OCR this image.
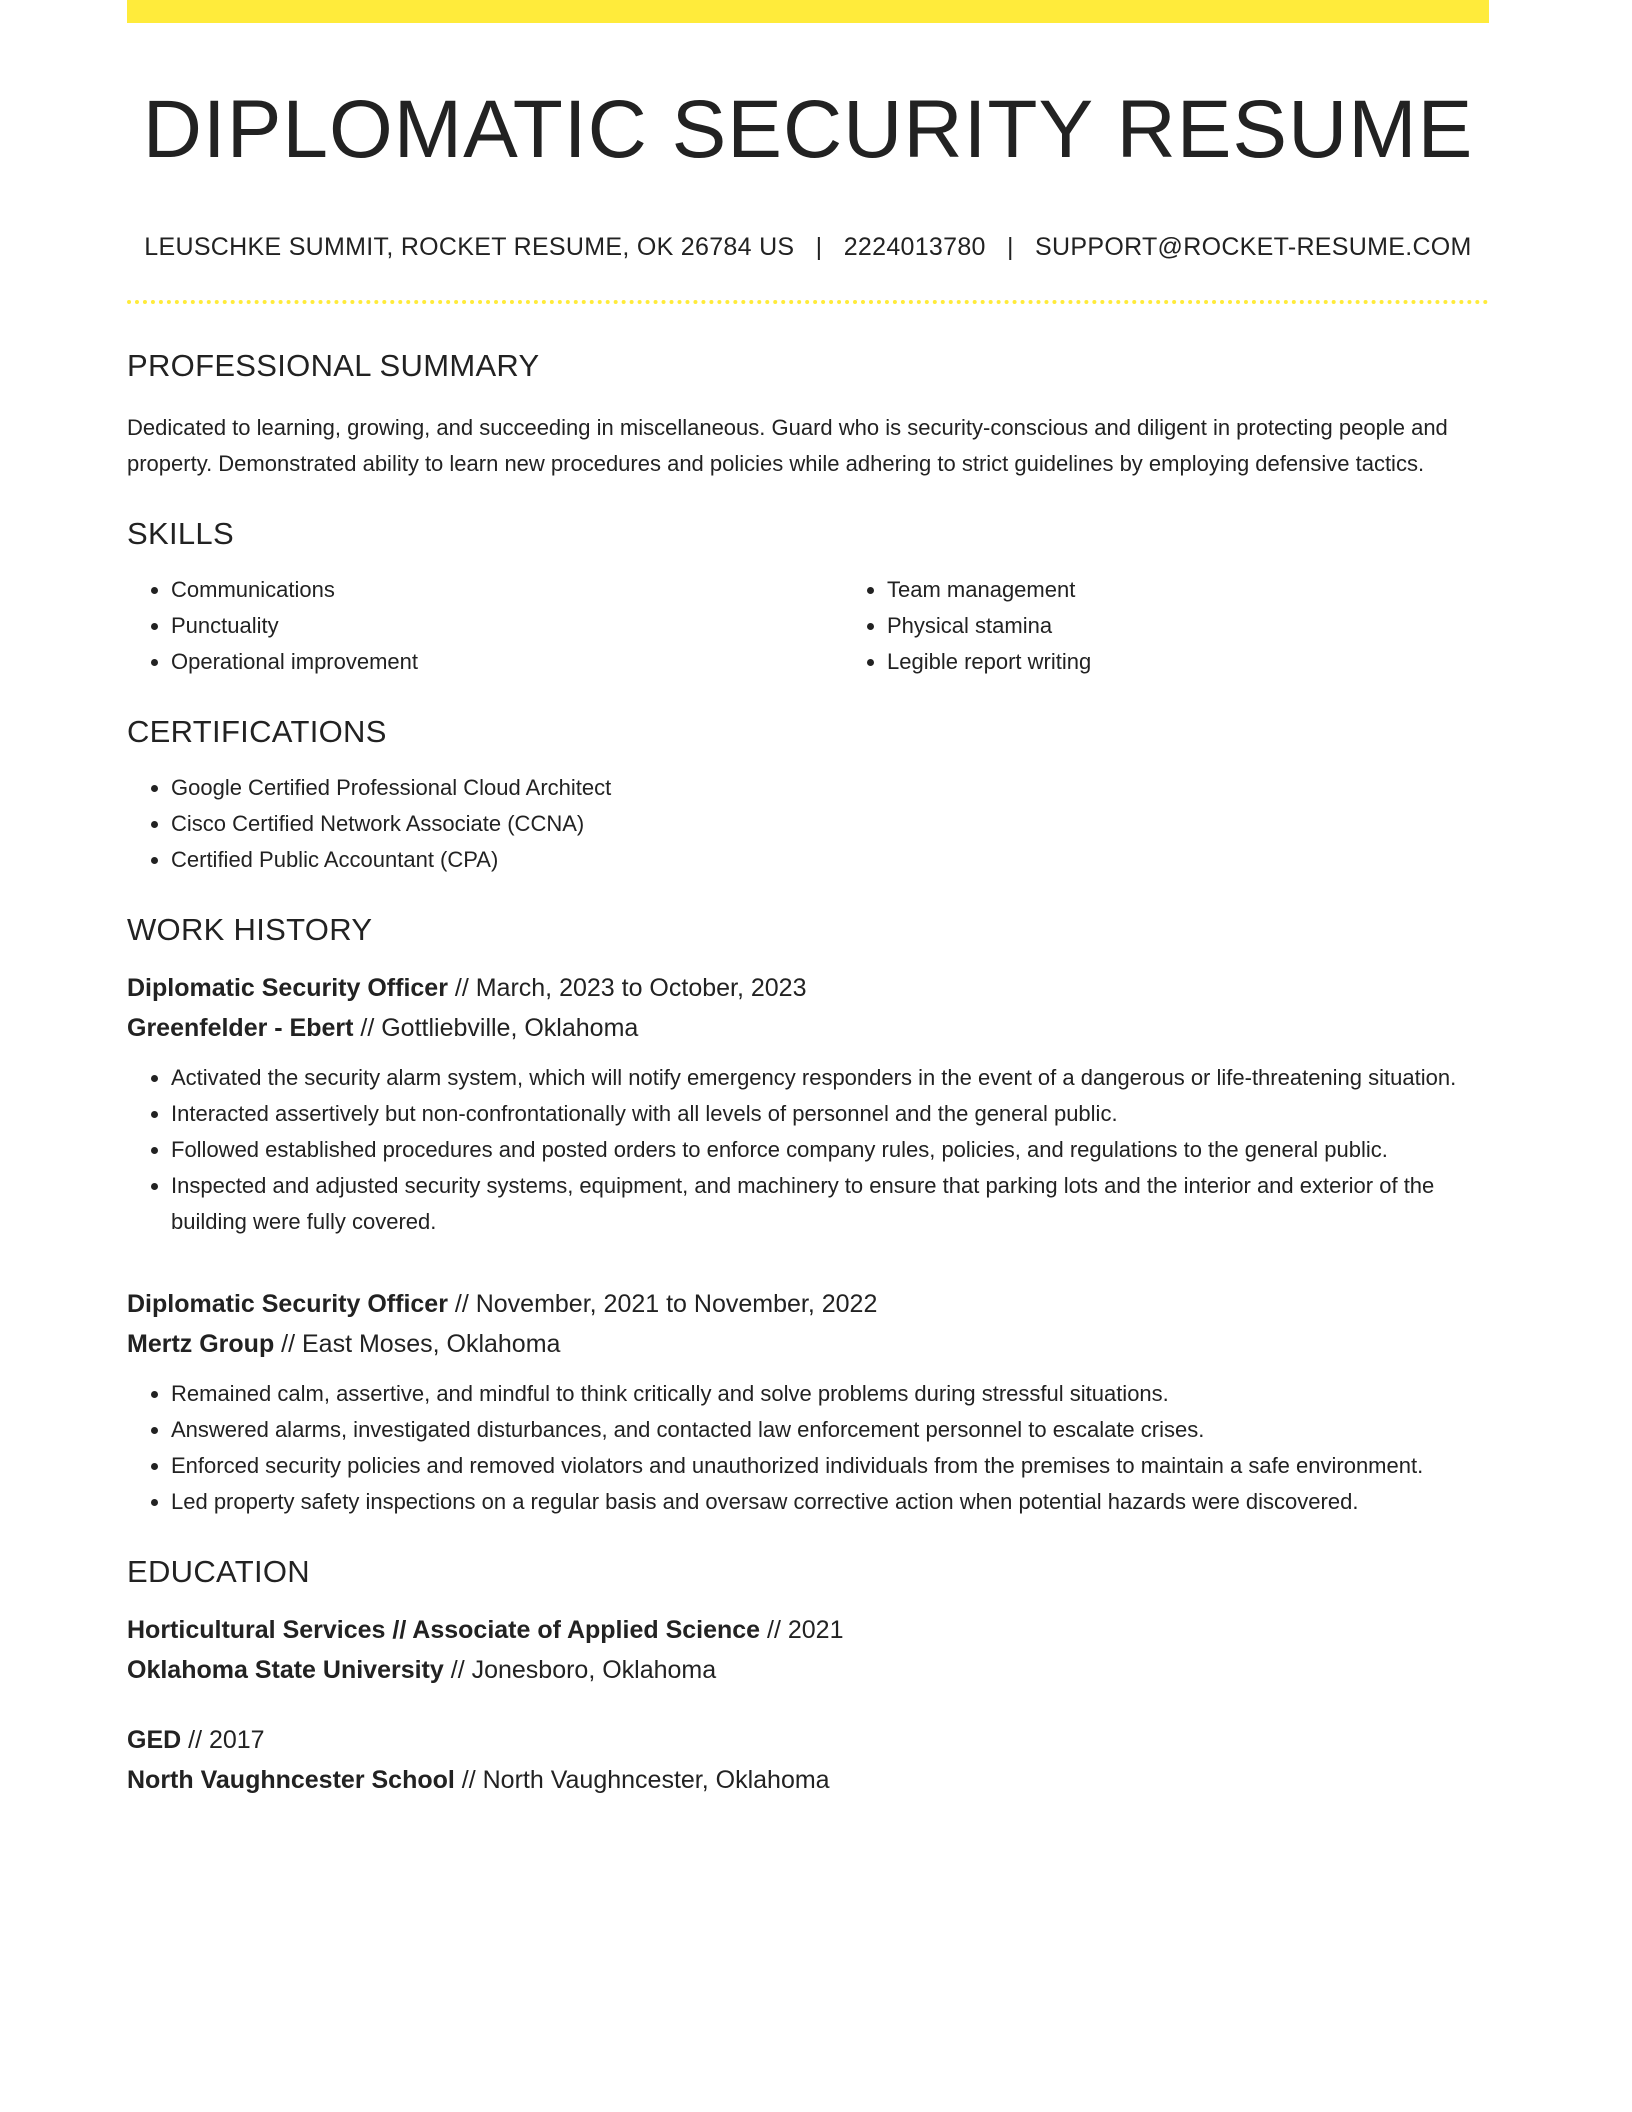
DIPLOMATIC SECURITY RESUME
LEUSCHKE SUMMIT, ROCKET RESUME, OK 26784 US | 2224013780 | SUPPORT@ROCKET-RESUME.COM
PROFESSIONAL SUMMARY

Dedicated to learning, growing, and succeeding in miscellaneous. Guard who is security-conscious and diligent in protecting people and property. Demonstrated ability to learn new procedures and policies while adhering to strict guidelines by employing defensive tactics.

SKILLS
• Communications
• Punctuality
• Operational improvement
• Team management
• Physical stamina
• Legible report writing
CERTIFICATIONS
• Google Certified Professional Cloud Architect
• Cisco Certified Network Associate (CCNA)
• Certified Public Accountant (CPA)
WORK HISTORY
Diplomatic Security Officer // March, 2023 to October, 2023
Greenfelder - Ebert // Gottliebville, Oklahoma
• Activated the security alarm system, which will notify emergency responders in the event of a dangerous or life-threatening situation.
• Interacted assertively but non-confrontationally with all levels of personnel and the general public.
• Followed established procedures and posted orders to enforce company rules, policies, and regulations to the general public.
• Inspected and adjusted security systems, equipment, and machinery to ensure that parking lots and the interior and exterior of the building were fully covered.
Diplomatic Security Officer // November, 2021 to November, 2022
Mertz Group // East Moses, Oklahoma
• Remained calm, assertive, and mindful to think critically and solve problems during stressful situations.
• Answered alarms, investigated disturbances, and contacted law enforcement personnel to escalate crises.
• Enforced security policies and removed violators and unauthorized individuals from the premises to maintain a safe environment.
• Led property safety inspections on a regular basis and oversaw corrective action when potential hazards were discovered.
EDUCATION
Horticultural Services // Associate of Applied Science // 2021
Oklahoma State University // Jonesboro, Oklahoma
GED // 2017
North Vaughncester School // North Vaughncester, Oklahoma
